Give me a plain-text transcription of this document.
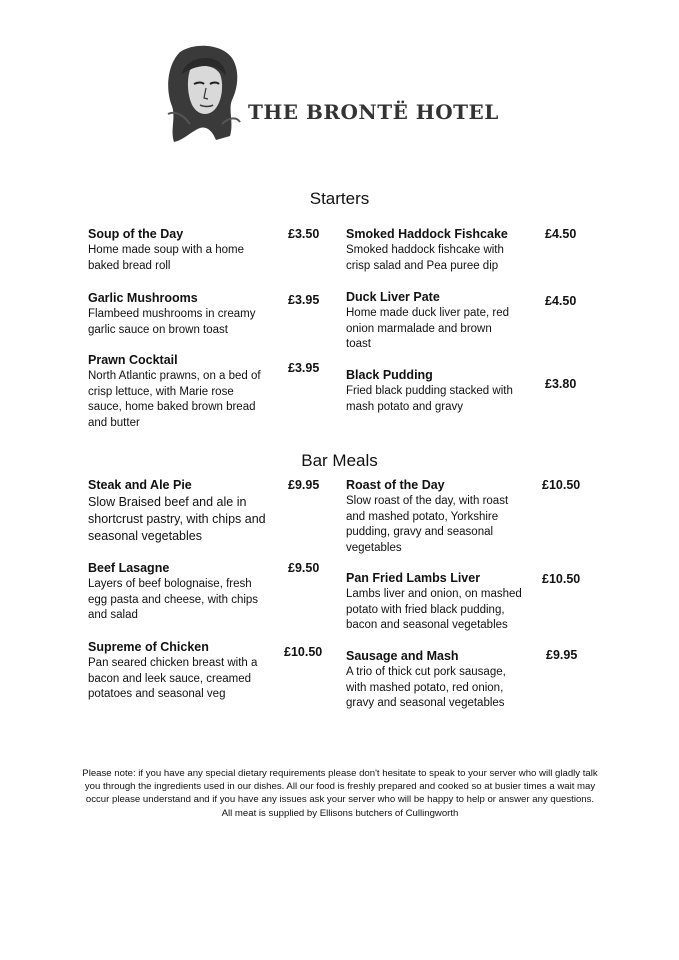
THE BRONTË HOTEL
Starters
Soup of the Day
Home made soup with a home baked bread roll
£3.50
Garlic Mushrooms
Flambeed mushrooms in creamy garlic sauce on brown toast
£3.95
Prawn Cocktail
North Atlantic prawns, on a bed of crisp lettuce, with Marie rose sauce, home baked brown bread and butter
£3.95
Smoked Haddock Fishcake
Smoked haddock fishcake with crisp salad and Pea puree dip
£4.50
Duck Liver Pate
Home made duck liver pate, red onion marmalade and brown toast
£4.50
Black Pudding
Fried black pudding stacked with mash potato and gravy
£3.80
Bar Meals
Steak and Ale Pie
Slow Braised beef and ale in shortcrust pastry, with chips and seasonal vegetables
£9.95
Beef Lasagne
Layers of beef bolognaise, fresh egg pasta and cheese, with chips and salad
£9.50
Supreme of Chicken
Pan seared chicken breast with a bacon and leek sauce, creamed potatoes and seasonal veg
£10.50
Roast of the Day
Slow roast of the day, with roast and mashed potato, Yorkshire pudding, gravy and seasonal vegetables
£10.50
Pan Fried Lambs Liver
Lambs liver and onion, on mashed potato with fried black pudding, bacon and seasonal vegetables
£10.50
Sausage and Mash
A trio of thick cut pork sausage, with mashed potato, red onion, gravy and seasonal vegetables
£9.95
Please note: if you have any special dietary requirements please don't hesitate to speak to your server who will gladly talk you through the ingredients used in our dishes. All our food is freshly prepared and cooked so at busier times a wait may occur please understand and if you have any issues ask your server who will be happy to help or answer any questions.
All meat is supplied by Ellisons butchers of Cullingworth
